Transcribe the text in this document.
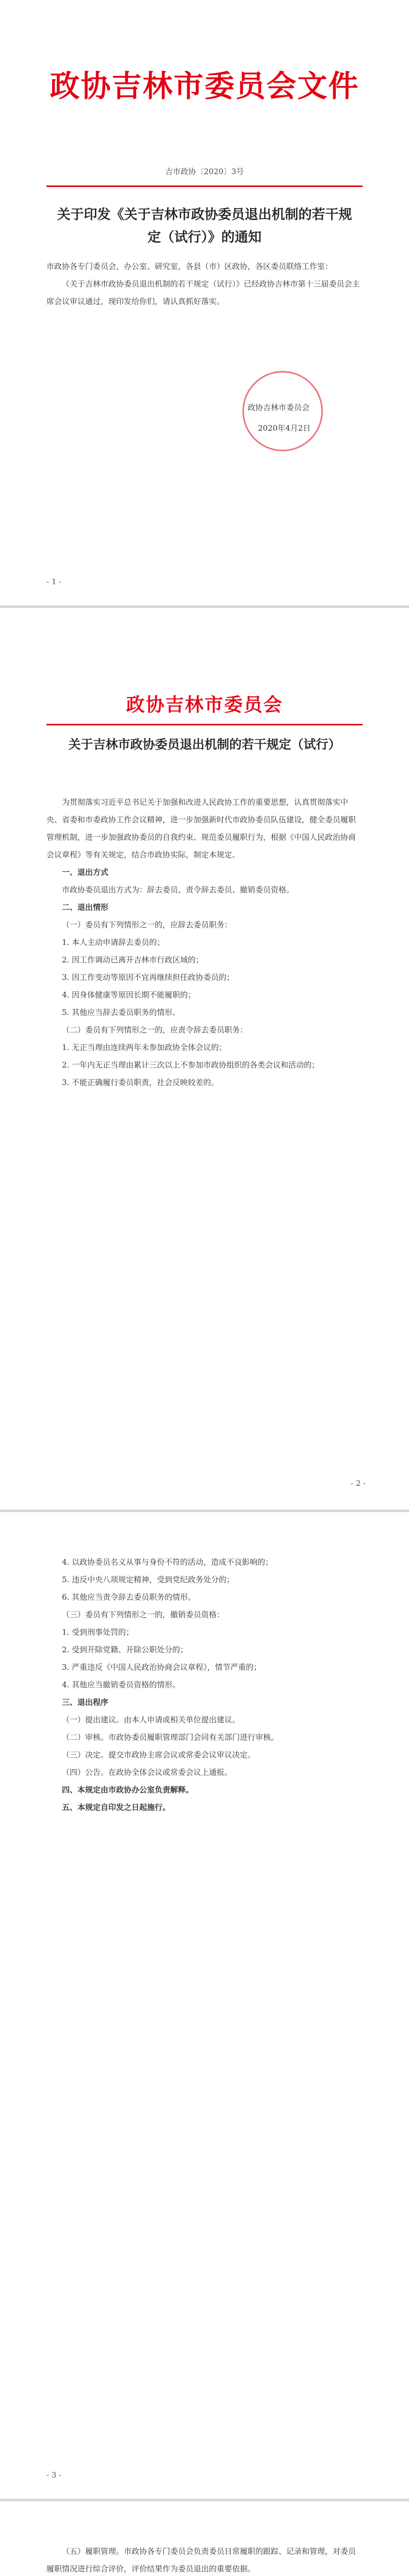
政协吉林市委员会文件
吉市政协〔2020〕3号
关于印发《关于吉林市政协委员退出机制的若干规定（试行）》的通知

市政协各专门委员会，办公室、研究室，各县（市）区政协，各区委员联络工作室：

《关于吉林市政协委员退出机制的若干规定（试行）》已经政协吉林市第十三届委员会主席会议审议通过，现印发给你们，请认真抓好落实。

政协吉林市委员会
2020年4月2日
- 1 -
政协吉林市委员会
关于吉林市政协委员退出机制的若干规定（试行）

为贯彻落实习近平总书记关于加强和改进人民政协工作的重要思想，认真贯彻落实中央、省委和市委政协工作会议精神，进一步加强新时代市政协委员队伍建设，健全委员履职管理机制，进一步加强政协委员的自我约束、规范委员履职行为，根据《中国人民政治协商会议章程》等有关规定，结合市政协实际，制定本规定。

一、退出方式

市政协委员退出方式为：辞去委员、责令辞去委员、撤销委员资格。

二、退出情形

（一）委员有下列情形之一的，应辞去委员职务：

1. 本人主动申请辞去委员的；

2. 因工作调动已离开吉林市行政区域的；

3. 因工作变动等原因不宜再继续担任政协委员的；

4. 因身体健康等原因长期不能履职的；

5. 其他应当辞去委员职务的情形。

（二）委员有下列情形之一的，应责令辞去委员职务：

1. 无正当理由连续两年未参加政协全体会议的；

2. 一年内无正当理由累计三次以上不参加市政协组织的各类会议和活动的；

3. 不能正确履行委员职责，社会反映较差的。

- 2 -

4. 以政协委员名义从事与身份不符的活动，造成不良影响的；

5. 违反中央八项规定精神，受到党纪政务处分的；

6. 其他应当责令辞去委员职务的情形。

（三）委员有下列情形之一的，撤销委员资格：

1. 受到刑事处罚的；

2. 受到开除党籍、开除公职处分的；

3. 严重违反《中国人民政治协商会议章程》，情节严重的；

4. 其他应当撤销委员资格的情形。

三、退出程序

（一）提出建议。由本人申请或相关单位提出建议。

（二）审核。市政协委员履职管理部门会同有关部门进行审核。

（三）决定。提交市政协主席会议或常委会议审议决定。

（四）公告。在政协全体会议或常委会议上通报。

四、本规定由市政协办公室负责解释。

五、本规定自印发之日起施行。

- 3 -

（五）履职管理。市政协各专门委员会负责委员日常履职的跟踪、记录和管理，对委员履职情况进行综合评价，评价结果作为委员退出的重要依据。
